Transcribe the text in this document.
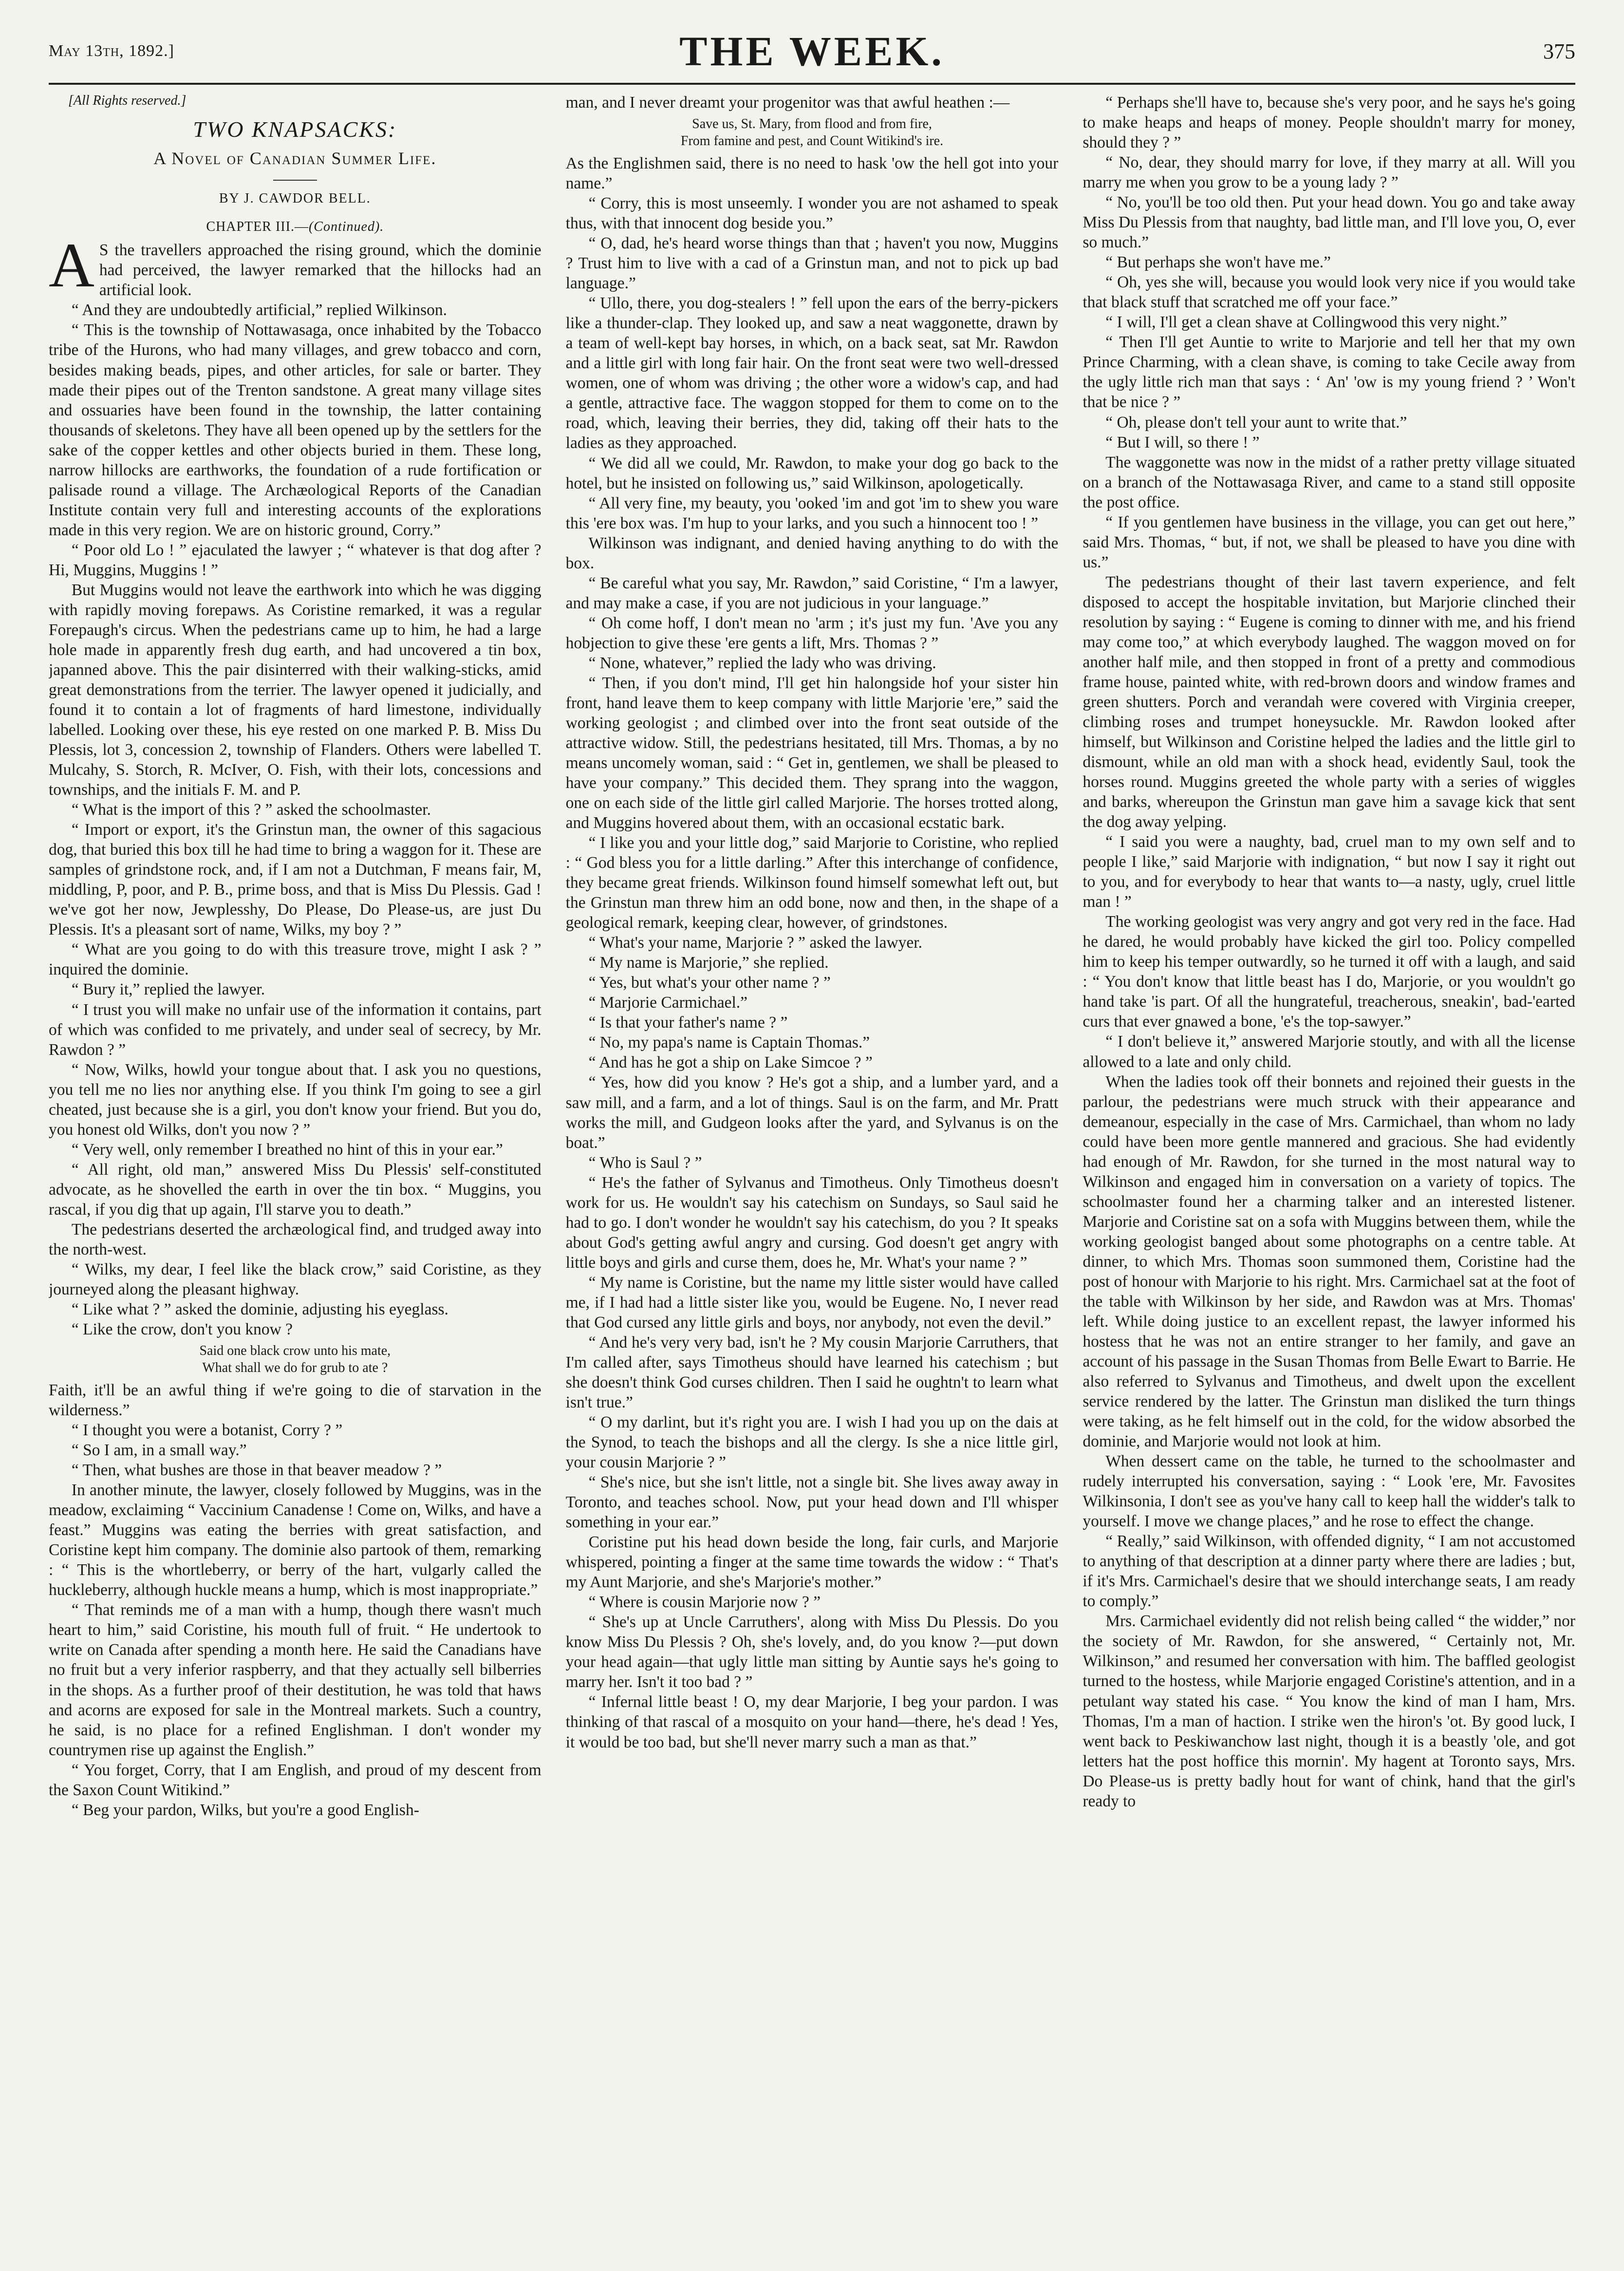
May 13th, 1892.]	THE WEEK.	375
[All Rights reserved.]
TWO KNAPSACKS:
A Novel of Canadian Summer Life.
BY J. CAWDOR BELL.
CHAPTER III.—(Continued).

A S the travellers approached the rising ground, which the dominie had perceived, the lawyer remarked that the hillocks had an artificial look.

“ And they are undoubtedly artificial,” replied Wilkinson.

“ This is the township of Nottawasaga, once inhabited by the Tobacco tribe of the Hurons, who had many villages, and grew tobacco and corn, besides making beads, pipes, and other articles, for sale or barter. They made their pipes out of the Trenton sandstone. A great many village sites and ossuaries have been found in the township, the latter containing thousands of skeletons. They have all been opened up by the settlers for the sake of the copper kettles and other objects buried in them. These long, narrow hillocks are earthworks, the foundation of a rude fortification or palisade round a village. The Archæological Reports of the Canadian Institute contain very full and interesting accounts of the explorations made in this very region. We are on historic ground, Corry.”

“ Poor old Lo ! ” ejaculated the lawyer ; “ whatever is that dog after ? Hi, Muggins, Muggins ! ”

But Muggins would not leave the earthwork into which he was digging with rapidly moving forepaws. As Coristine remarked, it was a regular Forepaugh's circus. When the pedestrians came up to him, he had a large hole made in apparently fresh dug earth, and had uncovered a tin box, japanned above. This the pair disinterred with their walking-sticks, amid great demonstrations from the terrier. The lawyer opened it judicially, and found it to contain a lot of fragments of hard limestone, individually labelled. Looking over these, his eye rested on one marked P. B. Miss Du Plessis, lot 3, concession 2, township of Flanders. Others were labelled T. Mulcahy, S. Storch, R. McIver, O. Fish, with their lots, concessions and townships, and the initials F. M. and P.

“ What is the import of this ? ” asked the schoolmaster.

“ Import or export, it's the Grinstun man, the owner of this sagacious dog, that buried this box till he had time to bring a waggon for it. These are samples of grindstone rock, and, if I am not a Dutchman, F means fair, M, middling, P, poor, and P. B., prime boss, and that is Miss Du Plessis. Gad ! we've got her now, Jewplesshy, Do Please, Do Please-us, are just Du Plessis. It's a pleasant sort of name, Wilks, my boy ? ”

“ What are you going to do with this treasure trove, might I ask ? ” inquired the dominie.

“ Bury it,” replied the lawyer.

“ I trust you will make no unfair use of the information it contains, part of which was confided to me privately, and under seal of secrecy, by Mr. Rawdon ? ”

“ Now, Wilks, howld your tongue about that. I ask you no questions, you tell me no lies nor anything else. If you think I'm going to see a girl cheated, just because she is a girl, you don't know your friend. But you do, you honest old Wilks, don't you now ? ”

“ Very well, only remember I breathed no hint of this in your ear.”

“ All right, old man,” answered Miss Du Plessis' self-constituted advocate, as he shovelled the earth in over the tin box. “ Muggins, you rascal, if you dig that up again, I'll starve you to death.”

The pedestrians deserted the archæological find, and trudged away into the north-west.

“ Wilks, my dear, I feel like the black crow,” said Coristine, as they journeyed along the pleasant highway.

“ Like what ? ” asked the dominie, adjusting his eyeglass.

“ Like the crow, don't you know ?

Said one black crow unto his mate,
What shall we do for grub to ate ?

Faith, it'll be an awful thing if we're going to die of starvation in the wilderness.”

“ I thought you were a botanist, Corry ? ”

“ So I am, in a small way.”

“ Then, what bushes are those in that beaver meadow ? ”

In another minute, the lawyer, closely followed by Muggins, was in the meadow, exclaiming “ Vaccinium Canadense ! Come on, Wilks, and have a feast.” Muggins was eating the berries with great satisfaction, and Coristine kept him company. The dominie also partook of them, remarking : “ This is the whortleberry, or berry of the hart, vulgarly called the huckleberry, although huckle means a hump, which is most inappropriate.”

“ That reminds me of a man with a hump, though there wasn't much heart to him,” said Coristine, his mouth full of fruit. “ He undertook to write on Canada after spending a month here. He said the Canadians have no fruit but a very inferior raspberry, and that they actually sell bilberries in the shops. As a further proof of their destitution, he was told that haws and acorns are exposed for sale in the Montreal markets. Such a country, he said, is no place for a refined Englishman. I don't wonder my countrymen rise up against the English.”

“ You forget, Corry, that I am English, and proud of my descent from the Saxon Count Witikind.”

“ Beg your pardon, Wilks, but you're a good English-

man, and I never dreamt your progenitor was that awful heathen :—

Save us, St. Mary, from flood and from fire,
From famine and pest, and Count Witikind's ire.

As the Englishmen said, there is no need to hask 'ow the hell got into your name.”

“ Corry, this is most unseemly. I wonder you are not ashamed to speak thus, with that innocent dog beside you.”

“ O, dad, he's heard worse things than that ; haven't you now, Muggins ? Trust him to live with a cad of a Grinstun man, and not to pick up bad language.”

“ Ullo, there, you dog-stealers ! ” fell upon the ears of the berry-pickers like a thunder-clap. They looked up, and saw a neat waggonette, drawn by a team of well-kept bay horses, in which, on a back seat, sat Mr. Rawdon and a little girl with long fair hair. On the front seat were two well-dressed women, one of whom was driving ; the other wore a widow's cap, and had a gentle, attractive face. The waggon stopped for them to come on to the road, which, leaving their berries, they did, taking off their hats to the ladies as they approached.

“ We did all we could, Mr. Rawdon, to make your dog go back to the hotel, but he insisted on following us,” said Wilkinson, apologetically.

“ All very fine, my beauty, you 'ooked 'im and got 'im to shew you ware this 'ere box was. I'm hup to your larks, and you such a hinnocent too ! ”

Wilkinson was indignant, and denied having anything to do with the box.

“ Be careful what you say, Mr. Rawdon,” said Coristine, “ I'm a lawyer, and may make a case, if you are not judicious in your language.”

“ Oh come hoff, I don't mean no 'arm ; it's just my fun. 'Ave you any hobjection to give these 'ere gents a lift, Mrs. Thomas ? ”

“ None, whatever,” replied the lady who was driving.

“ Then, if you don't mind, I'll get hin halongside hof your sister hin front, hand leave them to keep company with little Marjorie 'ere,” said the working geologist ; and climbed over into the front seat outside of the attractive widow. Still, the pedestrians hesitated, till Mrs. Thomas, a by no means uncomely woman, said : “ Get in, gentlemen, we shall be pleased to have your company.” This decided them. They sprang into the waggon, one on each side of the little girl called Marjorie. The horses trotted along, and Muggins hovered about them, with an occasional ecstatic bark.

“ I like you and your little dog,” said Marjorie to Coristine, who replied : “ God bless you for a little darling.” After this interchange of confidence, they became great friends. Wilkinson found himself somewhat left out, but the Grinstun man threw him an odd bone, now and then, in the shape of a geological remark, keeping clear, however, of grindstones.

“ What's your name, Marjorie ? ” asked the lawyer.

“ My name is Marjorie,” she replied.

“ Yes, but what's your other name ? ”

“ Marjorie Carmichael.”

“ Is that your father's name ? ”

“ No, my papa's name is Captain Thomas.”

“ And has he got a ship on Lake Simcoe ? ”

“ Yes, how did you know ? He's got a ship, and a lumber yard, and a saw mill, and a farm, and a lot of things. Saul is on the farm, and Mr. Pratt works the mill, and Gudgeon looks after the yard, and Sylvanus is on the boat.”

“ Who is Saul ? ”

“ He's the father of Sylvanus and Timotheus. Only Timotheus doesn't work for us. He wouldn't say his catechism on Sundays, so Saul said he had to go. I don't wonder he wouldn't say his catechism, do you ? It speaks about God's getting awful angry and cursing. God doesn't get angry with little boys and girls and curse them, does he, Mr. What's your name ? ”

“ My name is Coristine, but the name my little sister would have called me, if I had had a little sister like you, would be Eugene. No, I never read that God cursed any little girls and boys, nor anybody, not even the devil.”

“ And he's very very bad, isn't he ? My cousin Marjorie Carruthers, that I'm called after, says Timotheus should have learned his catechism ; but she doesn't think God curses children. Then I said he oughtn't to learn what isn't true.”

“ O my darlint, but it's right you are. I wish I had you up on the dais at the Synod, to teach the bishops and all the clergy. Is she a nice little girl, your cousin Marjorie ? ”

“ She's nice, but she isn't little, not a single bit. She lives away away in Toronto, and teaches school. Now, put your head down and I'll whisper something in your ear.”

Coristine put his head down beside the long, fair curls, and Marjorie whispered, pointing a finger at the same time towards the widow : “ That's my Aunt Marjorie, and she's Marjorie's mother.”

“ Where is cousin Marjorie now ? ”

“ She's up at Uncle Carruthers', along with Miss Du Plessis. Do you know Miss Du Plessis ? Oh, she's lovely, and, do you know ?—put down your head again—that ugly little man sitting by Auntie says he's going to marry her. Isn't it too bad ? ”

“ Infernal little beast ! O, my dear Marjorie, I beg your pardon. I was thinking of that rascal of a mosquito on your hand—there, he's dead ! Yes, it would be too bad, but she'll never marry such a man as that.”

“ Perhaps she'll have to, because she's very poor, and he says he's going to make heaps and heaps of money. People shouldn't marry for money, should they ? ”

“ No, dear, they should marry for love, if they marry at all. Will you marry me when you grow to be a young lady ? ”

“ No, you'll be too old then. Put your head down. You go and take away Miss Du Plessis from that naughty, bad little man, and I'll love you, O, ever so much.”

“ But perhaps she won't have me.”

“ Oh, yes she will, because you would look very nice if you would take that black stuff that scratched me off your face.”

“ I will, I'll get a clean shave at Collingwood this very night.”

“ Then I'll get Auntie to write to Marjorie and tell her that my own Prince Charming, with a clean shave, is coming to take Cecile away from the ugly little rich man that says : ‘ An' 'ow is my young friend ? ’ Won't that be nice ? ”

“ Oh, please don't tell your aunt to write that.”

“ But I will, so there ! ”

The waggonette was now in the midst of a rather pretty village situated on a branch of the Nottawasaga River, and came to a stand still opposite the post office.

“ If you gentlemen have business in the village, you can get out here,” said Mrs. Thomas, “ but, if not, we shall be pleased to have you dine with us.”

The pedestrians thought of their last tavern experience, and felt disposed to accept the hospitable invitation, but Marjorie clinched their resolution by saying : “ Eugene is coming to dinner with me, and his friend may come too,” at which everybody laughed. The waggon moved on for another half mile, and then stopped in front of a pretty and commodious frame house, painted white, with red-brown doors and window frames and green shutters. Porch and verandah were covered with Virginia creeper, climbing roses and trumpet honeysuckle. Mr. Rawdon looked after himself, but Wilkinson and Coristine helped the ladies and the little girl to dismount, while an old man with a shock head, evidently Saul, took the horses round. Muggins greeted the whole party with a series of wiggles and barks, whereupon the Grinstun man gave him a savage kick that sent the dog away yelping.

“ I said you were a naughty, bad, cruel man to my own self and to people I like,” said Marjorie with indignation, “ but now I say it right out to you, and for everybody to hear that wants to—a nasty, ugly, cruel little man ! ”

The working geologist was very angry and got very red in the face. Had he dared, he would probably have kicked the girl too. Policy compelled him to keep his temper outwardly, so he turned it off with a laugh, and said : “ You don't know that little beast has I do, Marjorie, or you wouldn't go hand take 'is part. Of all the hungrateful, treacherous, sneakin', bad-'earted curs that ever gnawed a bone, 'e's the top-sawyer.”

“ I don't believe it,” answered Marjorie stoutly, and with all the license allowed to a late and only child.

When the ladies took off their bonnets and rejoined their guests in the parlour, the pedestrians were much struck with their appearance and demeanour, especially in the case of Mrs. Carmichael, than whom no lady could have been more gentle mannered and gracious. She had evidently had enough of Mr. Rawdon, for she turned in the most natural way to Wilkinson and engaged him in conversation on a variety of topics. The schoolmaster found her a charming talker and an interested listener. Marjorie and Coristine sat on a sofa with Muggins between them, while the working geologist banged about some photographs on a centre table. At dinner, to which Mrs. Thomas soon summoned them, Coristine had the post of honour with Marjorie to his right. Mrs. Carmichael sat at the foot of the table with Wilkinson by her side, and Rawdon was at Mrs. Thomas' left. While doing justice to an excellent repast, the lawyer informed his hostess that he was not an entire stranger to her family, and gave an account of his passage in the Susan Thomas from Belle Ewart to Barrie. He also referred to Sylvanus and Timotheus, and dwelt upon the excellent service rendered by the latter. The Grinstun man disliked the turn things were taking, as he felt himself out in the cold, for the widow absorbed the dominie, and Marjorie would not look at him.

When dessert came on the table, he turned to the schoolmaster and rudely interrupted his conversation, saying : “ Look 'ere, Mr. Favosites Wilkinsonia, I don't see as you've hany call to keep hall the widder's talk to yourself. I move we change places,” and he rose to effect the change.

“ Really,” said Wilkinson, with offended dignity, “ I am not accustomed to anything of that description at a dinner party where there are ladies ; but, if it's Mrs. Carmichael's desire that we should interchange seats, I am ready to comply.”

Mrs. Carmichael evidently did not relish being called “ the widder,” nor the society of Mr. Rawdon, for she answered, “ Certainly not, Mr. Wilkinson,” and resumed her conversation with him. The baffled geologist turned to the hostess, while Marjorie engaged Coristine's attention, and in a petulant way stated his case. “ You know the kind of man I ham, Mrs. Thomas, I'm a man of haction. I strike wen the hiron's 'ot. By good luck, I went back to Peskiwanchow last night, though it is a beastly 'ole, and got letters hat the post hoffice this mornin'. My hagent at Toronto says, Mrs. Do Please-us is pretty badly hout for want of chink, hand that the girl's ready to
